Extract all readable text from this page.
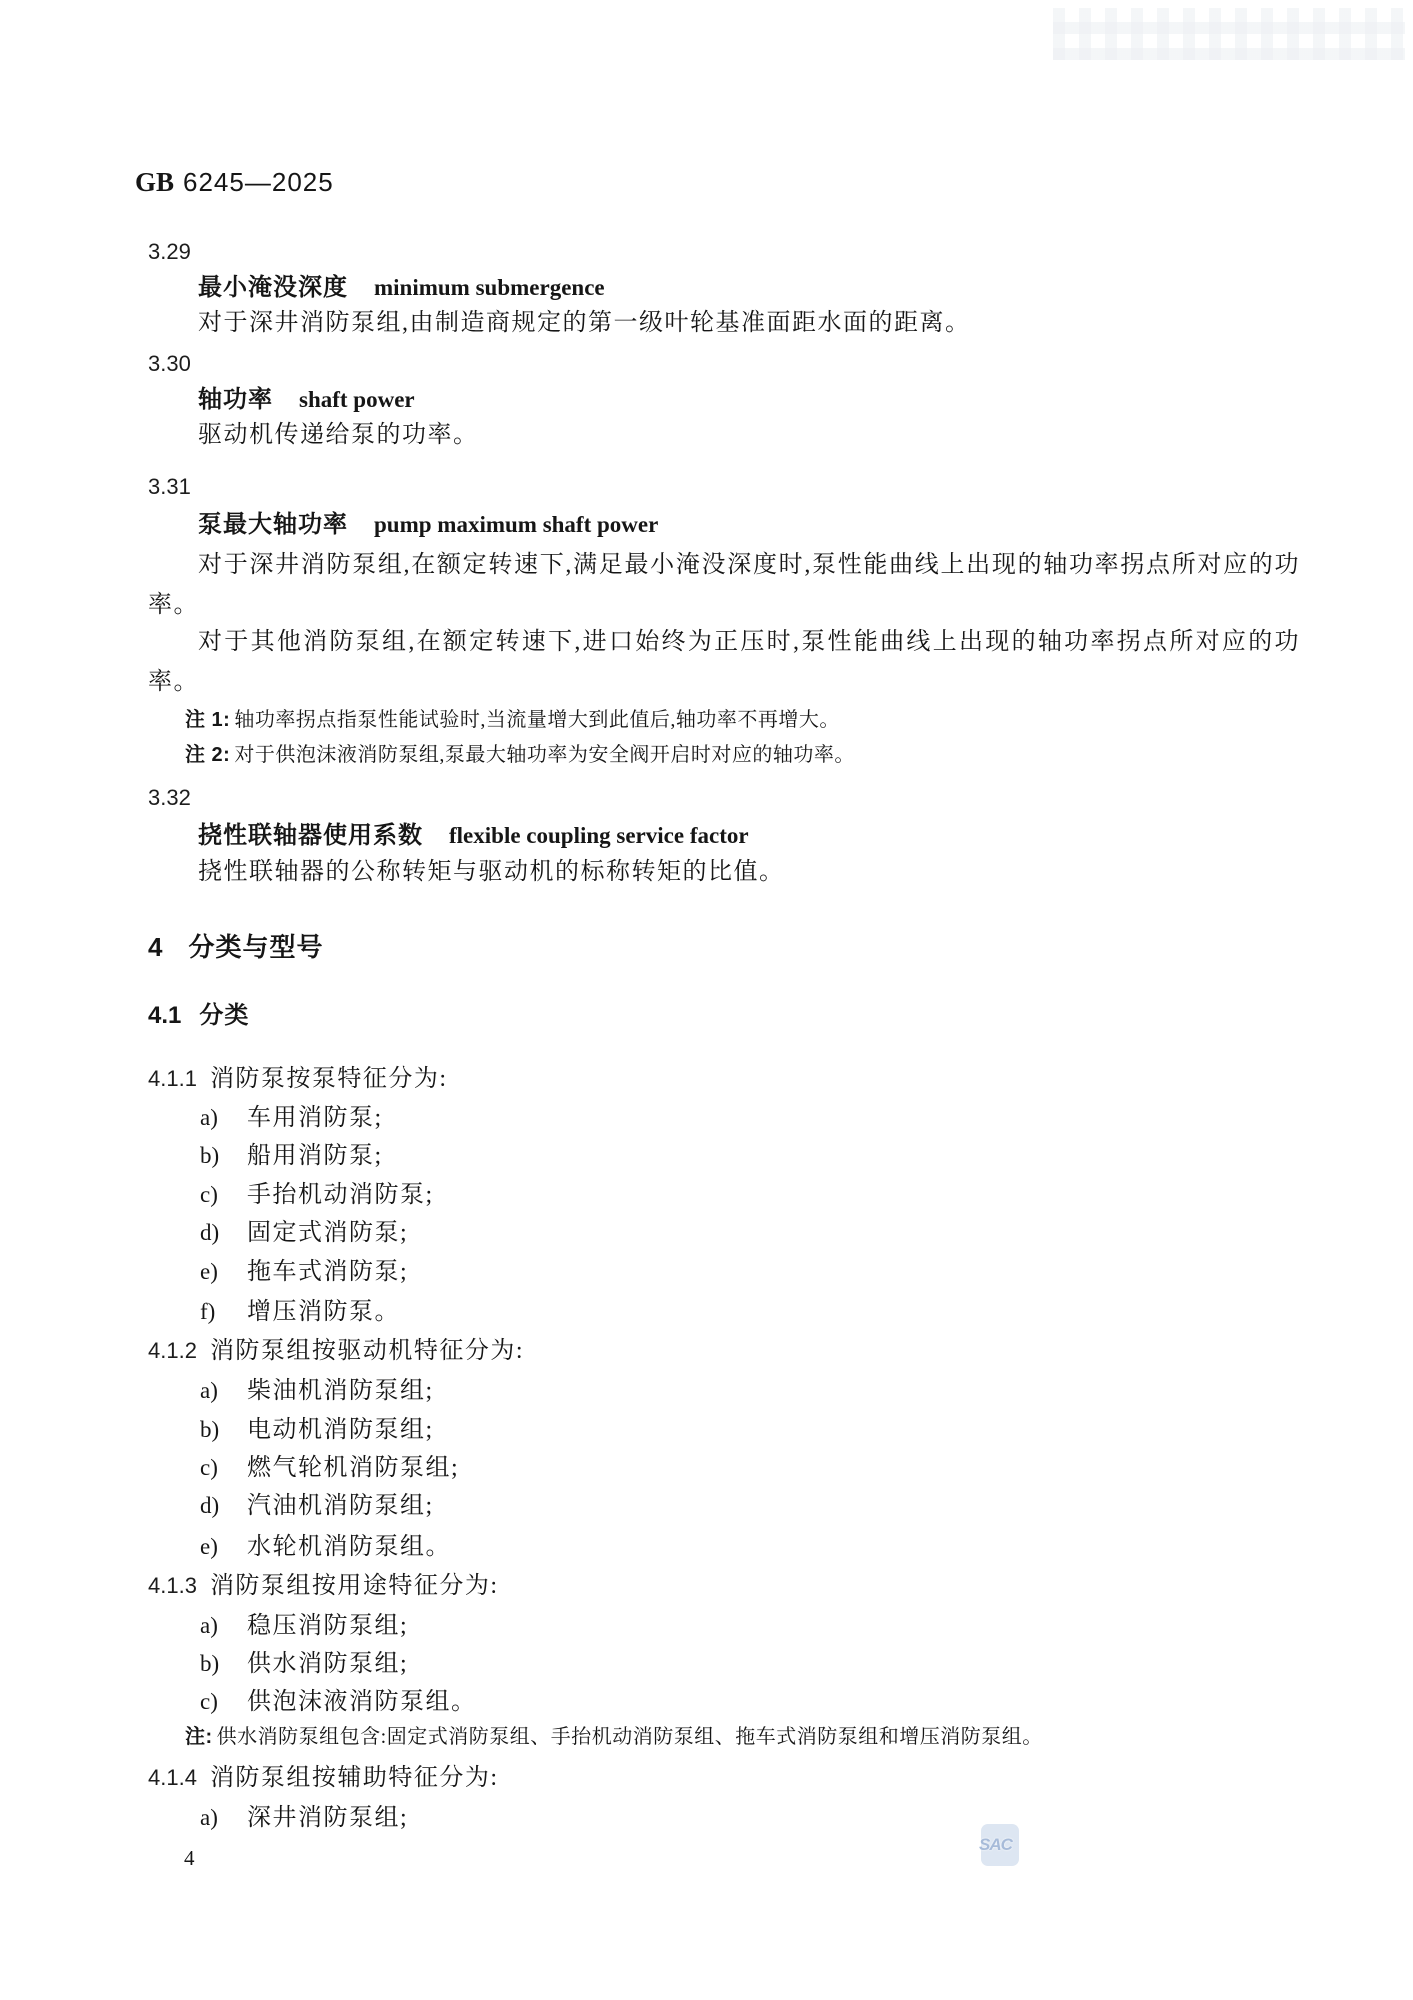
GB 6245—2025
3.29
最小淹没深度 minimum submergence
对于深井消防泵组,由制造商规定的第一级叶轮基准面距水面的距离。
3.30
轴功率 shaft power
驱动机传递给泵的功率。
3.31
泵最大轴功率 pump maximum shaft power
对于深井消防泵组,在额定转速下,满足最小淹没深度时,泵性能曲线上出现的轴功率拐点所对应的功率。
对于其他消防泵组,在额定转速下,进口始终为正压时,泵性能曲线上出现的轴功率拐点所对应的功率。
注 1: 轴功率拐点指泵性能试验时,当流量增大到此值后,轴功率不再增大。
注 2: 对于供泡沫液消防泵组,泵最大轴功率为安全阀开启时对应的轴功率。
3.32
挠性联轴器使用系数 flexible coupling service factor
挠性联轴器的公称转矩与驱动机的标称转矩的比值。
4 分类与型号
4.1 分类
4.1.1 消防泵按泵特征分为:
a) 车用消防泵;
b) 船用消防泵;
c) 手抬机动消防泵;
d) 固定式消防泵;
e) 拖车式消防泵;
f) 增压消防泵。
4.1.2 消防泵组按驱动机特征分为:
a) 柴油机消防泵组;
b) 电动机消防泵组;
c) 燃气轮机消防泵组;
d) 汽油机消防泵组;
e) 水轮机消防泵组。
4.1.3 消防泵组按用途特征分为:
a) 稳压消防泵组;
b) 供水消防泵组;
c) 供泡沫液消防泵组。
注: 供水消防泵组包含:固定式消防泵组、手抬机动消防泵组、拖车式消防泵组和增压消防泵组。
4.1.4 消防泵组按辅助特征分为:
a) 深井消防泵组;
4
SAC
